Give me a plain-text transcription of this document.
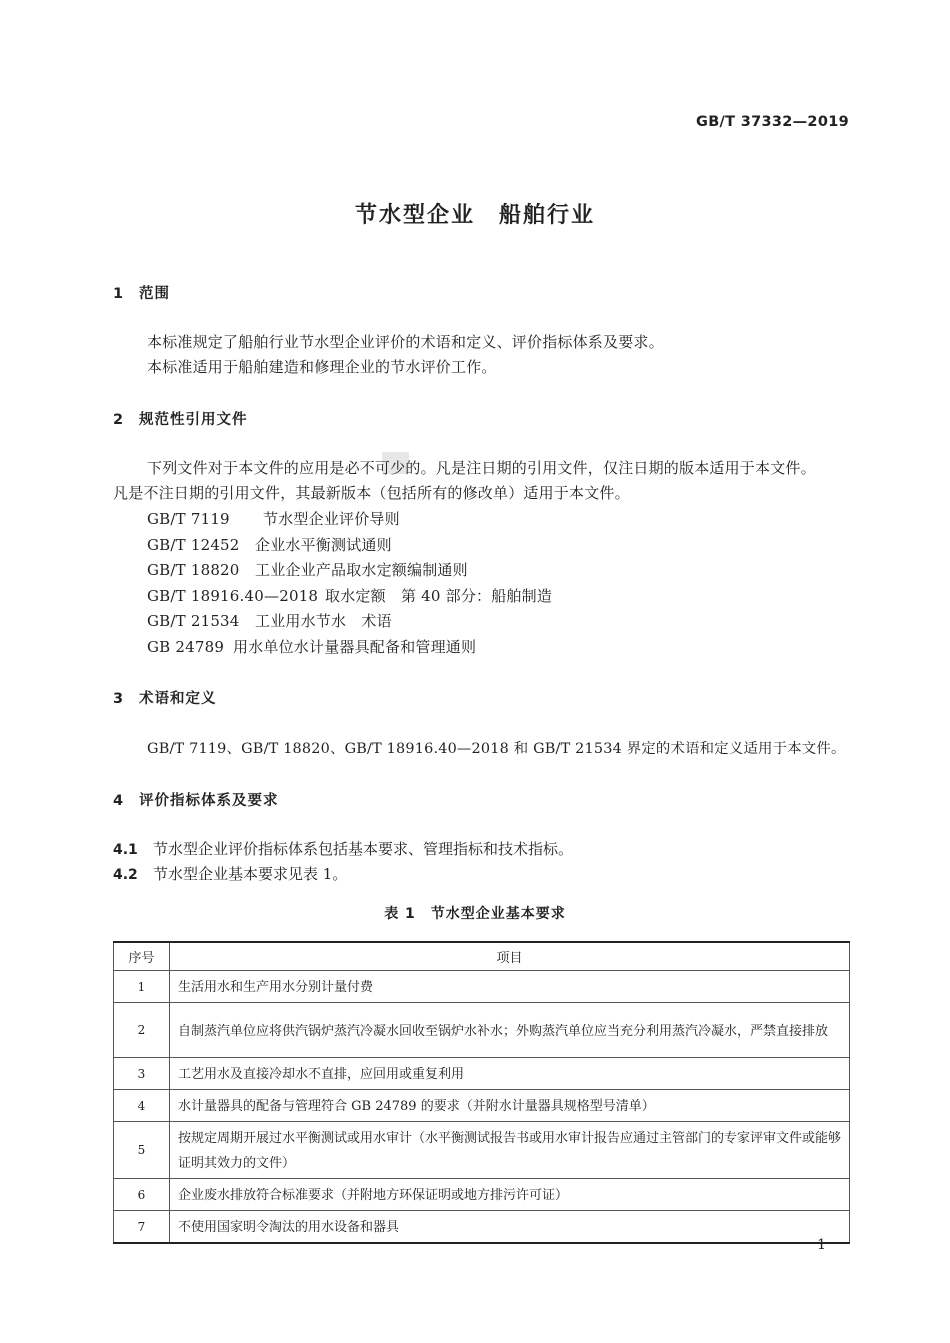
GB/T 37332—2019
节水型企业　船舶行业
1 范围
本标准规定了船舶行业节水型企业评价的术语和定义、评价指标体系及要求。
本标准适用于船舶建造和修理企业的节水评价工作。
2 规范性引用文件
下列文件对于本文件的应用是必不可少的。凡是注日期的引用文件，仅注日期的版本适用于本文件。凡是不注日期的引用文件，其最新版本（包括所有的修改单）适用于本文件。
GB/T 7119 节水型企业评价导则
GB/T 12452 企业水平衡测试通则
GB/T 18820 工业企业产品取水定额编制通则
GB/T 18916.40—2018 取水定额　第 40 部分：船舶制造
GB/T 21534 工业用水节水　术语
GB 24789 用水单位水计量器具配备和管理通则
3 术语和定义
GB/T 7119、GB/T 18820、GB/T 18916.40—2018 和 GB/T 21534 界定的术语和定义适用于本文件。
4 评价指标体系及要求
4.1 节水型企业评价指标体系包括基本要求、管理指标和技术指标。
4.2 节水型企业基本要求见表 1。
表 1　节水型企业基本要求
序号	项目
1	生活用水和生产用水分别计量付费
2	自制蒸汽单位应将供汽锅炉蒸汽冷凝水回收至锅炉水补水；外购蒸汽单位应当充分利用蒸汽冷凝水，严禁直接排放
3	工艺用水及直接冷却水不直排，应回用或重复利用
4	水计量器具的配备与管理符合 GB 24789 的要求（并附水计量器具规格型号清单）
5	按规定周期开展过水平衡测试或用水审计（水平衡测试报告书或用水审计报告应通过主管部门的专家评审文件或能够证明其效力的文件）
6	企业废水排放符合标准要求（并附地方环保证明或地方排污许可证）
7	不使用国家明令淘汰的用水设备和器具
1
